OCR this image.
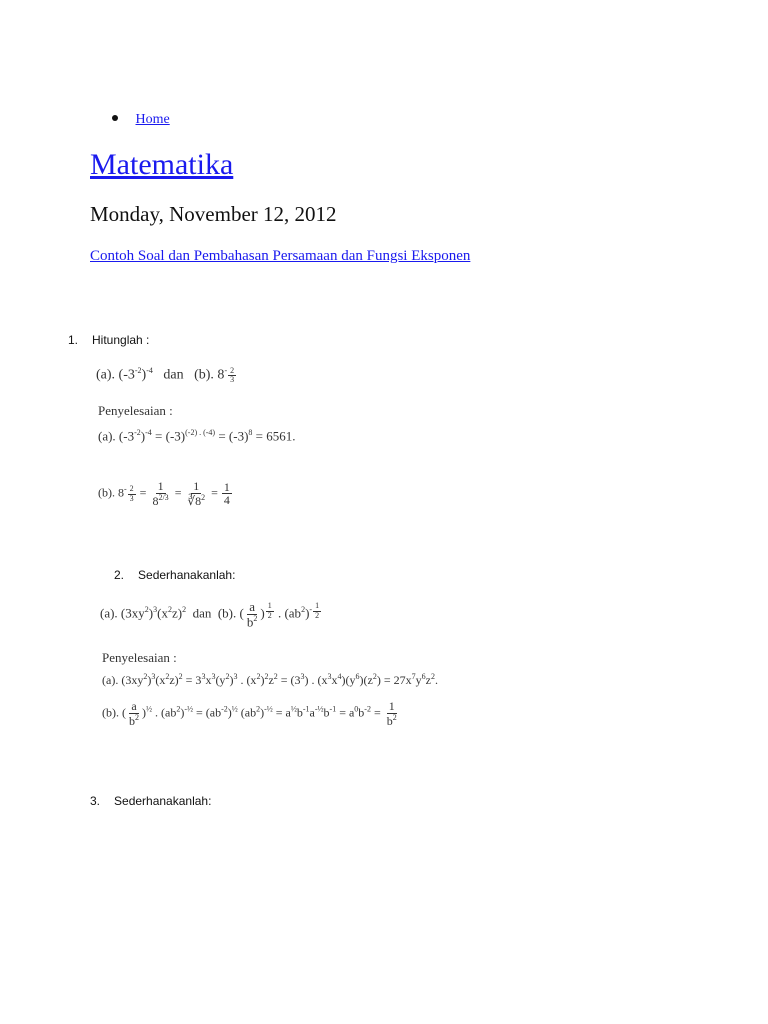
Home
Matematika
Monday, November 12, 2012
Contoh Soal dan Pembahasan Persamaan dan Fungsi Eksponen
1. Hitunglah :
(a). $(-3^{-2})^{-4}$ dan (b). $8^- \frac{2}{3}$
Penyelesaian :
(a). $(-3^{-2})^{-4} = (-3)^{(-2) . (-4)} = (-3)^8 = 6561$.
(b). $8^- \frac{2}{3} = \frac{1}{8^{2/3}} = \frac{1}{∛8^2} = \frac{1}{4}$
2. Sederhanakanlah:
(a). $(3xy^2)^3(x^2z)^2$ dan (b). ( $\frac{a}{b^2}$ ) $^{\frac{1}{2}}$ . $(ab^2)^{- \frac{1}{2}}$
Penyelesaian :
(a). $(3xy^2)^3(x^2z)^2 = 3^3x^3(y^2)^3$ . $(x^2)^2z^2 = (3^3)$ . $(x^3x^4)(y^6)(z^2) = 27x^7y^6z^2$.
(b). ( $\frac{a}{b^2} )^{\frac{1}{2}}$ . $(ab^2)^{-\frac{1}{2}} = (ab^{-2})^{\frac{1}{2}}$ $(ab^2)^{-\frac{1}{2}} = a^{\frac{1}{2}}b^{-1}a^{-\frac{1}{2}}b^{-1} = a^0b^{-2} = \frac{1}{b^2}$
3. Sederhanakanlah:
